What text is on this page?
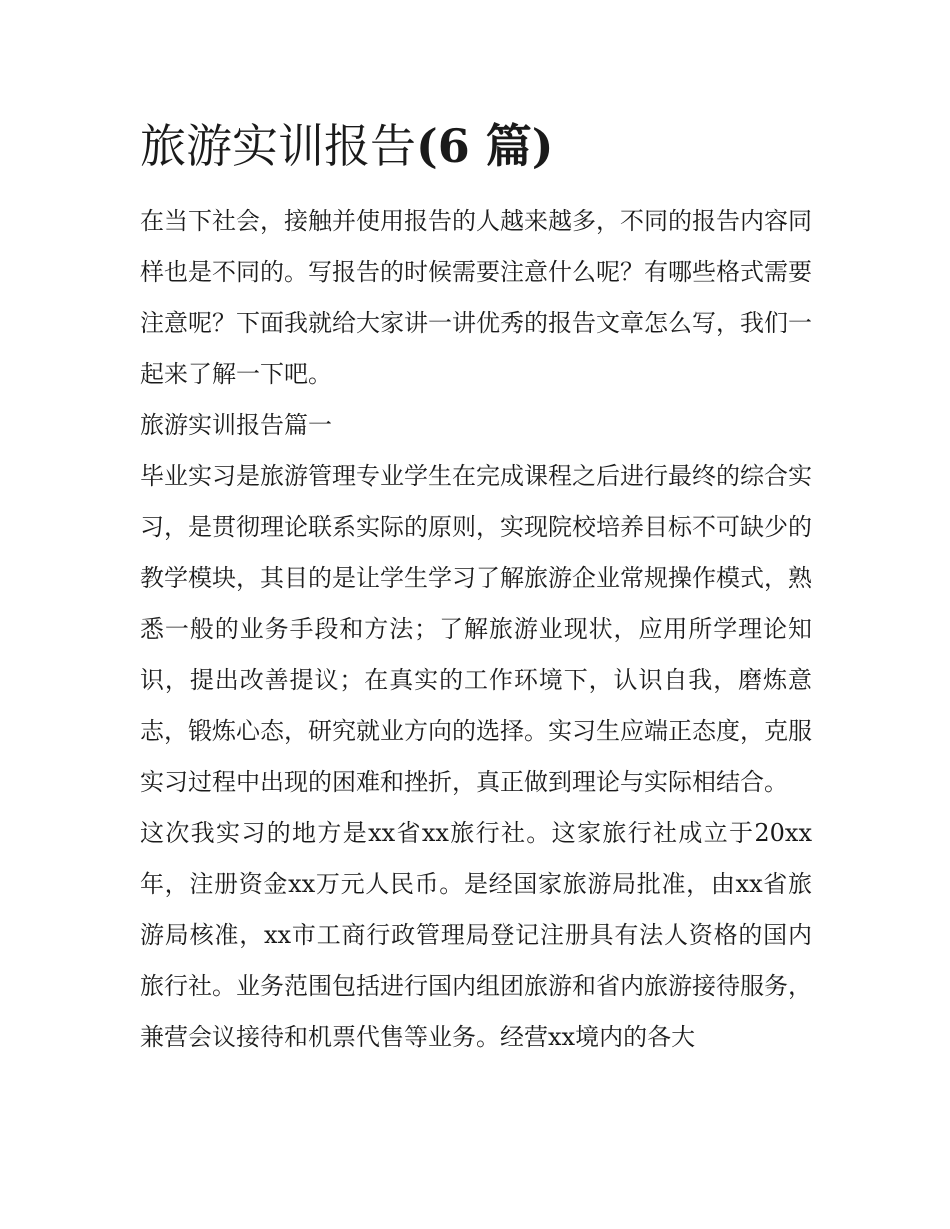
旅游实训报告(6 篇)

在当下社会，接触并使用报告的人越来越多，不同的报告内容同样也是不同的。写报告的时候需要注意什么呢？有哪些格式需要注意呢？下面我就给大家讲一讲优秀的报告文章怎么写，我们一起来了解一下吧。

旅游实训报告篇一

毕业实习是旅游管理专业学生在完成课程之后进行最终的综合实习，是贯彻理论联系实际的原则，实现院校培养目标不可缺少的教学模块，其目的是让学生学习了解旅游企业常规操作模式，熟悉一般的业务手段和方法；了解旅游业现状，应用所学理论知识，提出改善提议；在真实的工作环境下，认识自我，磨炼意志，锻炼心态，研究就业方向的选择。实习生应端正态度，克服实习过程中出现的困难和挫折，真正做到理论与实际相结合。

这次我实习的地方是xx省xx旅行社。这家旅行社成立于20xx年，注册资金xx万元人民币。是经国家旅游局批准，由xx省旅游局核准，xx市工商行政管理局登记注册具有法人资格的国内旅行社。业务范围包括进行国内组团旅游和省内旅游接待服务，兼营会议接待和机票代售等业务。经营xx境内的各大
